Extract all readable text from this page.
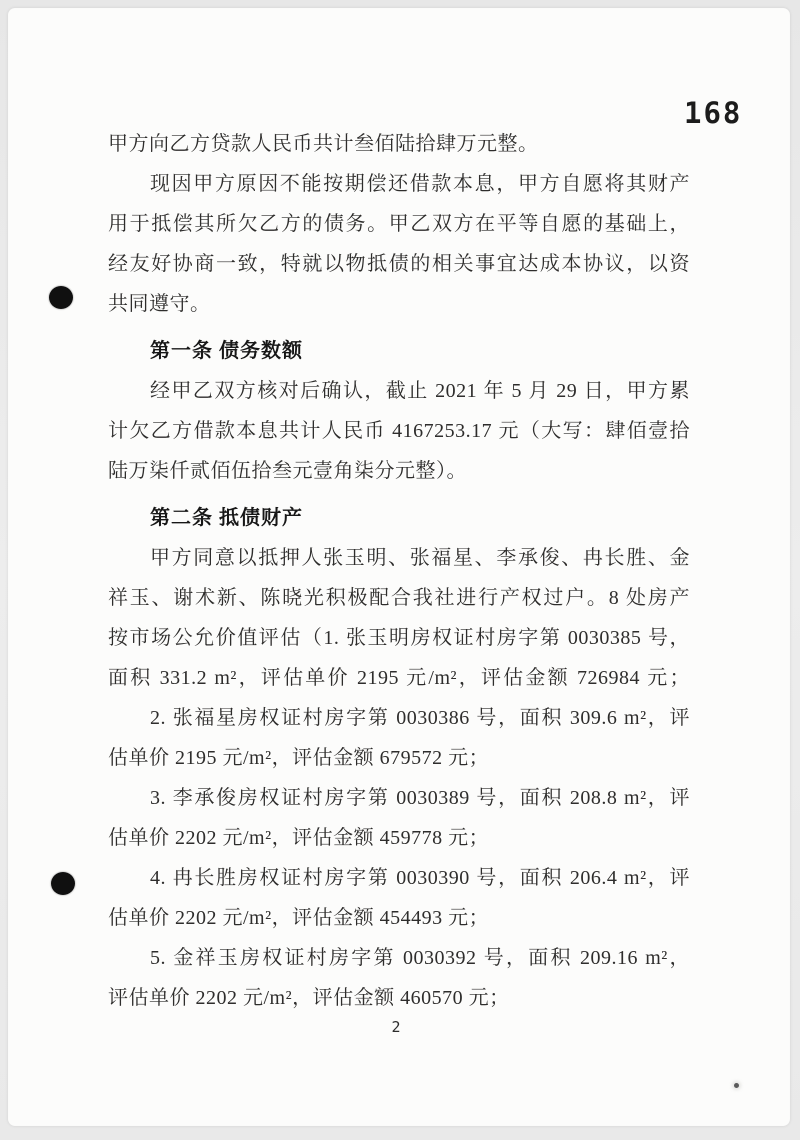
168
甲方向乙方贷款人民币共计叁佰陆拾肆万元整。
现因甲方原因不能按期偿还借款本息，甲方自愿将其财产
用于抵偿其所欠乙方的债务。甲乙双方在平等自愿的基础上，
经友好协商一致，特就以物抵债的相关事宜达成本协议，以资
共同遵守。
第一条 债务数额
经甲乙双方核对后确认，截止 2021 年 5 月 29 日，甲方累
计欠乙方借款本息共计人民币 4167253.17 元（大写：肆佰壹拾
陆万柒仟贰佰伍拾叁元壹角柒分元整）。
第二条 抵债财产
甲方同意以抵押人张玉明、张福星、李承俊、冉长胜、金
祥玉、谢术新、陈晓光积极配合我社进行产权过户。8 处房产
按市场公允价值评估（1. 张玉明房权证村房字第 0030385 号，
面积 331.2 m²，评估单价 2195 元/m²，评估金额 726984 元；
2. 张福星房权证村房字第 0030386 号，面积 309.6 m²，评
估单价 2195 元/m²，评估金额 679572 元；
3. 李承俊房权证村房字第 0030389 号，面积 208.8 m²，评
估单价 2202 元/m²，评估金额 459778 元；
4. 冉长胜房权证村房字第 0030390 号，面积 206.4 m²，评
估单价 2202 元/m²，评估金额 454493 元；
5. 金祥玉房权证村房字第 0030392 号，面积 209.16 m²，
评估单价 2202 元/m²，评估金额 460570 元；
2
